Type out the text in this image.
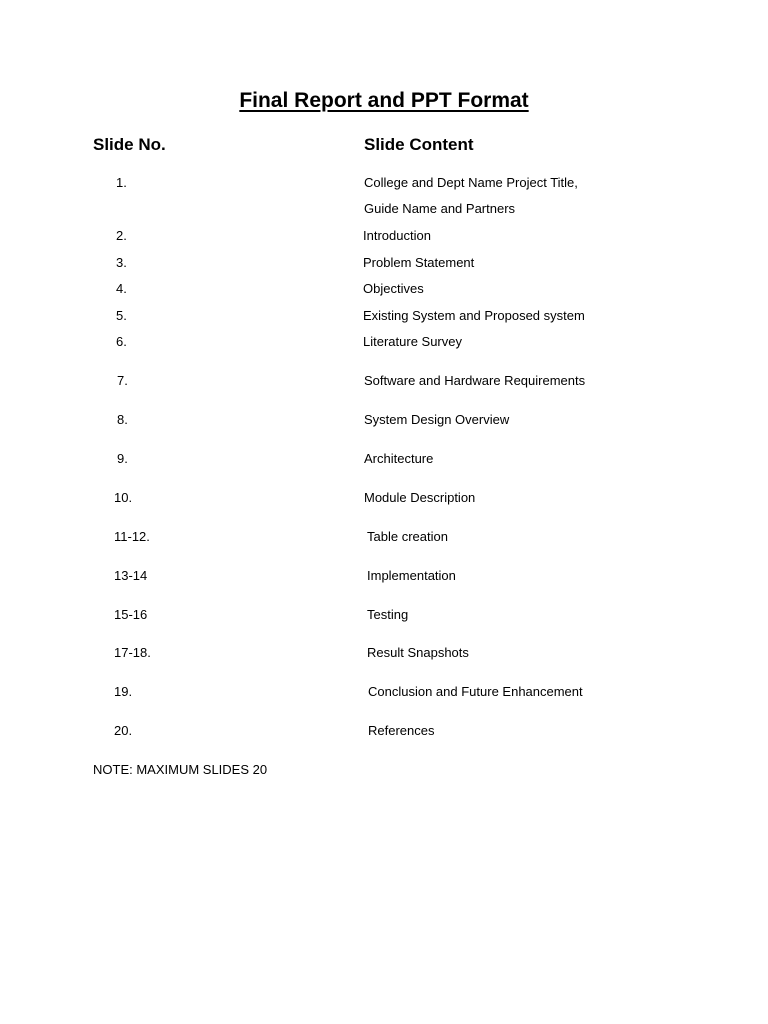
Final Report and PPT Format
Slide No.	Slide Content
1.	College and Dept Name Project Title,
Guide Name and Partners
2.	Introduction
3.	Problem Statement
4.	Objectives
5.	Existing System and Proposed system
6.	Literature Survey
7.	Software and Hardware Requirements
8.	System Design Overview
9.	Architecture
10.	Module Description
11-12.	Table creation
13-14	Implementation
15-16	Testing
17-18.	Result Snapshots
19.	Conclusion and Future Enhancement
20.	References
NOTE: MAXIMUM SLIDES 20
